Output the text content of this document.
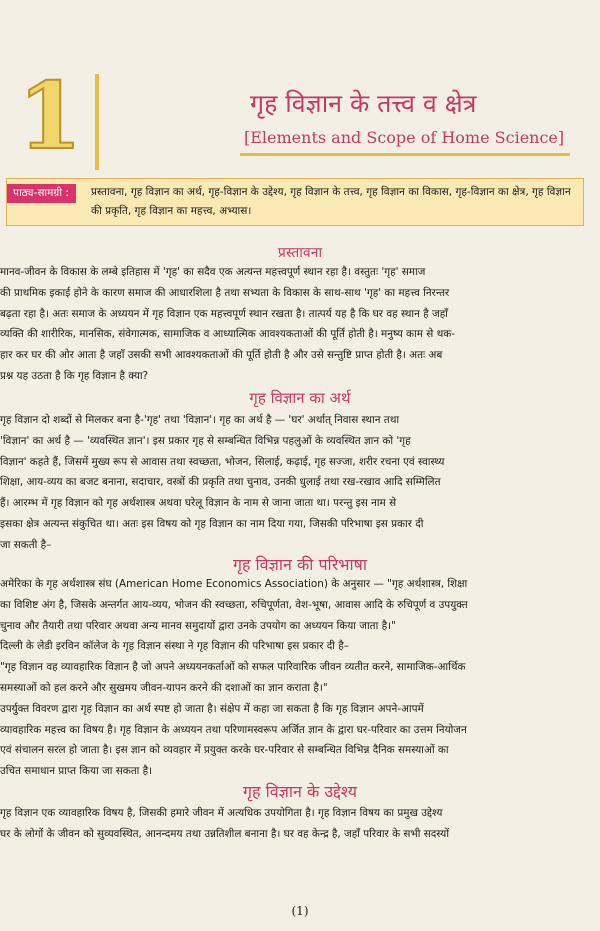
1	गृह विज्ञान के तत्त्व व क्षेत्र
[Elements and Scope of Home Science]
पाठ्य-सामग्री :	प्रस्तावना, गृह विज्ञान का अर्थ, गृह-विज्ञान के उद्देश्य, गृह विज्ञान के तत्त्व, गृह विज्ञान का विकास, गृह-विज्ञान का क्षेत्र, गृह विज्ञान की प्रकृति, गृह विज्ञान का महत्त्व, अभ्यास।
प्रस्तावना
मानव-जीवन के विकास के लम्बे इतिहास में 'गृह' का सदैव एक अत्यन्त महत्त्वपूर्ण स्थान रहा है। वस्तुतः 'गृह' समाज
की प्राथमिक इकाई होने के कारण समाज की आधारशिला है तथा सभ्यता के विकास के साथ-साथ 'गृह' का महत्त्व निरन्तर
बढ़ता रहा है। अतः समाज के अध्ययन में गृह विज्ञान एक महत्त्वपूर्ण स्थान रखता है। तात्पर्य यह है कि घर वह स्थान है जहाँ
व्यक्ति की शारीरिक, मानसिक, संवेगात्मक, सामाजिक व आध्यात्मिक आवश्यकताओं की पूर्ति होती है। मनुष्य काम से थक-
हार कर घर की ओर आता है जहाँ उसकी सभी आवश्यकताओं की पूर्ति होती है और उसे सन्तुष्टि प्राप्त होती है। अतः अब
प्रश्न यह उठता है कि गृह विज्ञान है क्या?
गृह विज्ञान का अर्थ
गृह विज्ञान दो शब्दों से मिलकर बना है-'गृह' तथा 'विज्ञान'। गृह का अर्थ है — 'घर' अर्थात् निवास स्थान तथा
'विज्ञान' का अर्थ है — 'व्यवस्थित ज्ञान'। इस प्रकार गृह से सम्बन्धित विभिन्न पहलुओं के व्यवस्थित ज्ञान को 'गृह
विज्ञान' कहते हैं, जिसमें मुख्य रूप से आवास तथा स्वच्छता, भोजन, सिलाई, कढ़ाई, गृह सज्जा, शरीर रचना एवं स्वास्थ्य
शिक्षा, आय-व्यय का बजट बनाना, सदाचार, वस्त्रों की प्रकृति तथा चुनाव, उनकी धुलाई तथा रख-रखाव आदि सम्मिलित
हैं। आरम्भ में गृह विज्ञान को गृह अर्थशास्त्र अथवा घरेलू विज्ञान के नाम से जाना जाता था। परन्तु इस नाम से
इसका क्षेत्र अत्यन्त संकुचित था। अतः इस विषय को गृह विज्ञान का नाम दिया गया, जिसकी परिभाषा इस प्रकार दी
जा सकती है–
गृह विज्ञान की परिभाषा
अमेरिका के गृह अर्थशास्त्र संघ (American Home Economics Association) के अनुसार — "गृह अर्थशास्त्र, शिक्षा
का विशिष्ट अंग है, जिसके अन्तर्गत आय-व्यय, भोजन की स्वच्छता, रुचिपूर्णता, वेश-भूषा, आवास आदि के रुचिपूर्ण व उपयुक्त
चुनाव और तैयारी तथा परिवार अथवा अन्य मानव समुदायों द्वारा उनके उपयोग का अध्ययन किया जाता है।"
दिल्ली के लेडी इरविन कॉलेज के गृह विज्ञान संस्था ने गृह विज्ञान की परिभाषा इस प्रकार दी है–
"गृह विज्ञान वह व्यावहारिक विज्ञान है जो अपने अध्ययनकर्ताओं को सफल पारिवारिक जीवन व्यतीत करने, सामाजिक-आर्थिक
समस्याओं को हल करने और सुखमय जीवन-यापन करने की दशाओं का ज्ञान कराता है।"
उपर्युक्त विवरण द्वारा गृह विज्ञान का अर्थ स्पष्ट हो जाता है। संक्षेप में कहा जा सकता है कि गृह विज्ञान अपने-आपमें
व्यावहारिक महत्त्व का विषय है। गृह विज्ञान के अध्ययन तथा परिणामस्वरूप अर्जित ज्ञान के द्वारा घर-परिवार का उत्तम नियोजन
एवं संचालन सरल हो जाता है। इस ज्ञान को व्यवहार में प्रयुक्त करके घर-परिवार से सम्बन्धित विभिन्न दैनिक समस्याओं का
उचित समाधान प्राप्त किया जा सकता है।
गृह विज्ञान के उद्देश्य
गृह विज्ञान एक व्यावहारिक विषय है, जिसकी हमारे जीवन में अत्यधिक उपयोगिता है। गृह विज्ञान विषय का प्रमुख उद्देश्य
घर के लोगों के जीवन को सुव्यवस्थित, आनन्दमय तथा उन्नतिशील बनाना है। घर वह केन्द्र है, जहाँ परिवार के सभी सदस्यों
(1)
